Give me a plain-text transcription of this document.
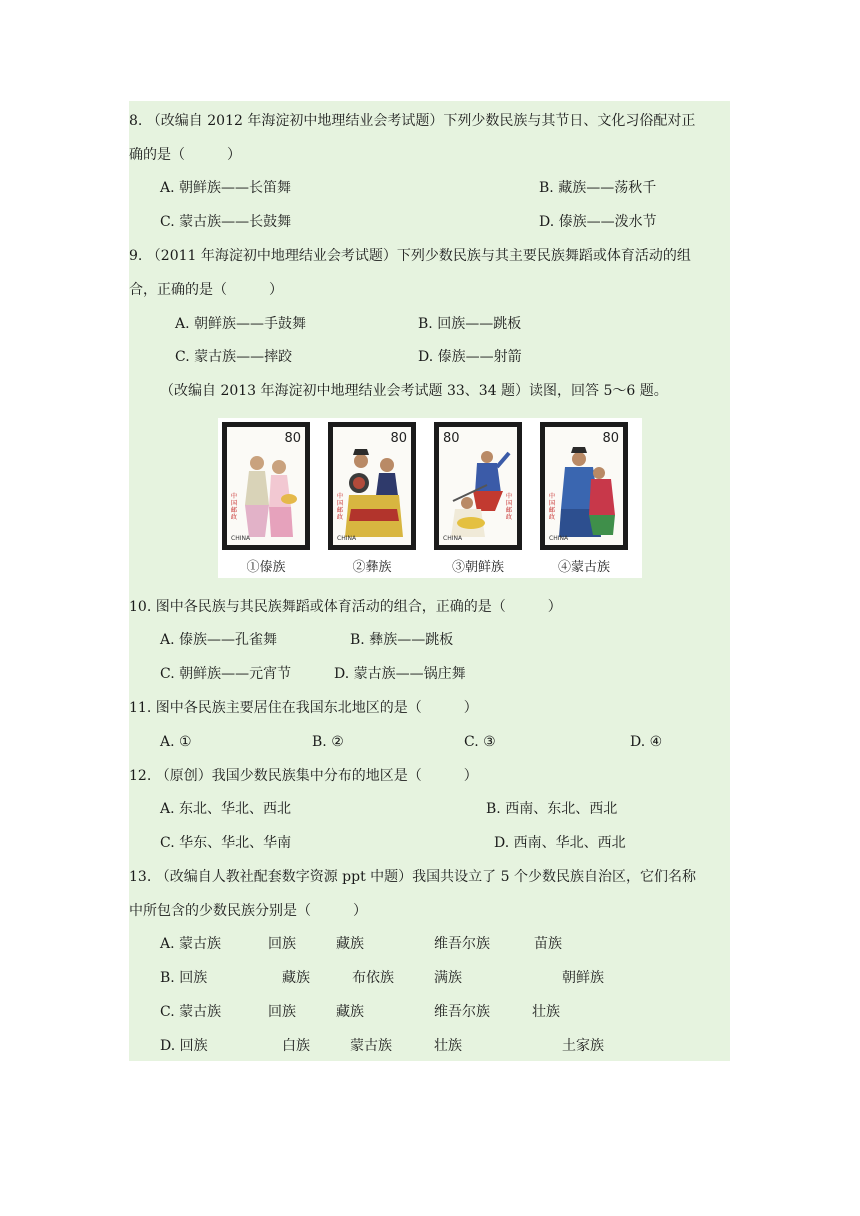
8. （改编自 2012 年海淀初中地理结业会考试题）下列少数民族与其节日、文化习俗配对正
确的是（　　　）
A. 朝鲜族——长笛舞	B. 藏族——荡秋千
C. 蒙古族——长鼓舞	D. 傣族——泼水节
9. （2011 年海淀初中地理结业会考试题）下列少数民族与其主要民族舞蹈或体育活动的组
合，正确的是（　　　）
A. 朝鲜族——手鼓舞	B. 回族——跳板
C. 蒙古族——摔跤	D. 傣族——射箭
（改编自 2013 年海淀初中地理结业会考试题 33、34 题）读图，回答 5～6 题。
80
中国邮政
CHINA
①傣族
80
中国邮政
CHINA
②彝族
80
中国邮政
CHINA
③朝鲜族
80
中国邮政
CHINA
④蒙古族
10. 图中各民族与其民族舞蹈或体育活动的组合，正确的是（　　　）
A. 傣族——孔雀舞	B. 彝族——跳板
C. 朝鲜族——元宵节	D. 蒙古族——锅庄舞
11. 图中各民族主要居住在我国东北地区的是（　　　）
A. ①	B. ②	C. ③	D. ④
12. （原创）我国少数民族集中分布的地区是（　　　）
A. 东北、华北、西北	B. 西南、东北、西北
C. 华东、华北、华南	D. 西南、华北、西北
13. （改编自人教社配套数字资源 ppt 中题）我国共设立了 5 个少数民族自治区，它们名称
中所包含的少数民族分别是（　　　）
A. 蒙古族	回族	藏族	维吾尔族	苗族
B. 回族	藏族	布依族	满族	朝鲜族
C. 蒙古族	回族	藏族	维吾尔族	壮族
D. 回族	白族	蒙古族	壮族	土家族
